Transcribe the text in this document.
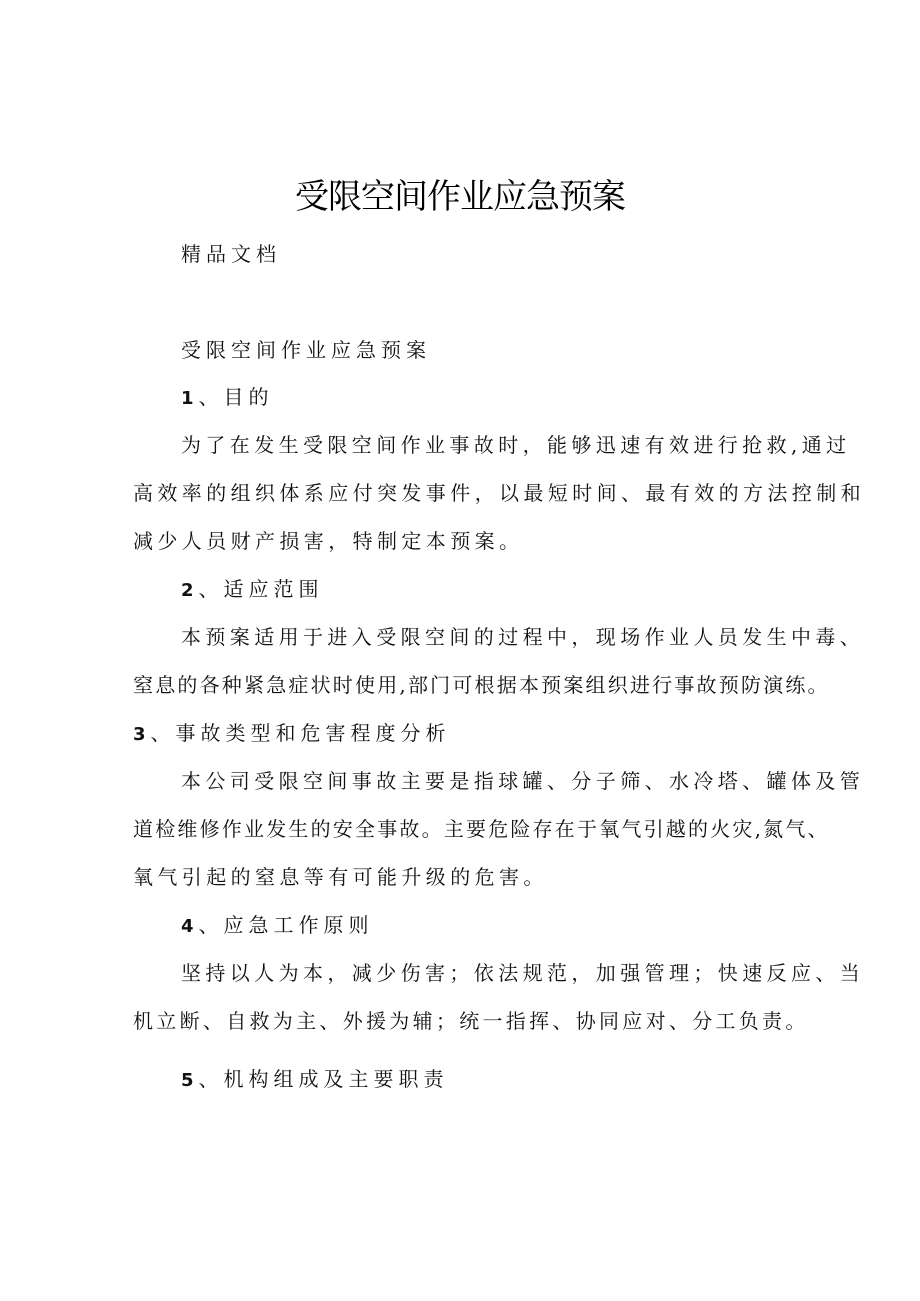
受限空间作业应急预案
精品文档
受限空间作业应急预案
1、目的
为了在发生受限空间作业事故时，能够迅速有效进行抢救,通过
高效率的组织体系应付突发事件，以最短时间、最有效的方法控制和
减少人员财产损害，特制定本预案。
2、适应范围
本预案适用于进入受限空间的过程中，现场作业人员发生中毒、
窒息的各种紧急症状时使用,部门可根据本预案组织进行事故预防演练。
3、事故类型和危害程度分析
本公司受限空间事故主要是指球罐、分子筛、水冷塔、罐体及管
道检维修作业发生的安全事故。主要危险存在于氧气引越的火灾,氮气、
氧气引起的窒息等有可能升级的危害。
4、应急工作原则
坚持以人为本，减少伤害；依法规范，加强管理；快速反应、当
机立断、自救为主、外援为辅；统一指挥、协同应对、分工负责。
5、机构组成及主要职责
